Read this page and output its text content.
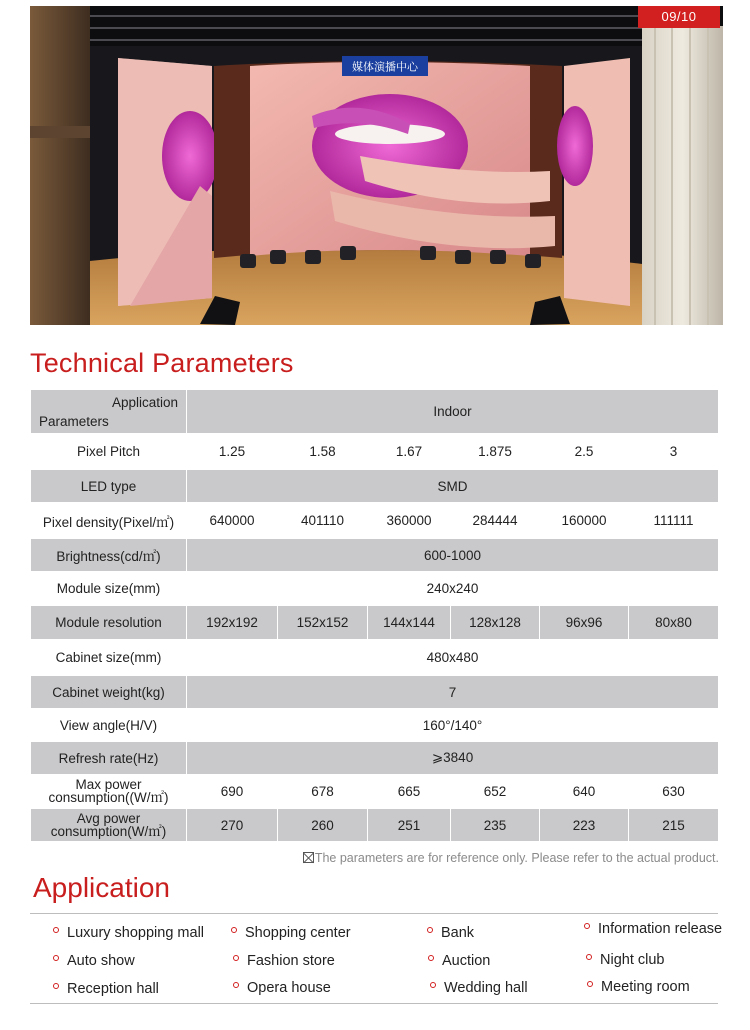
媒体演播中心
09/10
Technical Parameters
Application
Parameters	Indoor					
Pixel Pitch	1.25	1.58	1.67	1.875	2.5	3
LED type	SMD					
Pixel density(Pixel/㎡)	640000	401110	360000	284444	160000	111111
Brightness(cd/㎡)	600-1000					
Module size(mm)	240x240					
Module resolution	192x192	152x152	144x144	128x128	96x96	80x80
Cabinet size(mm)	480x480					
Cabinet weight(kg)	7					
View angle(H/V)	160°/140°					
Refresh rate(Hz)	⩾3840					
Max power
consumption((W/㎡)	690	678	665	652	640	630
Avg power
consumption(W/㎡)	270	260	251	235	223	215
The parameters are for reference only. Please refer to the actual product.
Application
Luxury shopping mall	Shopping center	Bank	Information release
Auto show	Fashion store	Auction	Night club
Reception hall	Opera house	Wedding hall	Meeting room
